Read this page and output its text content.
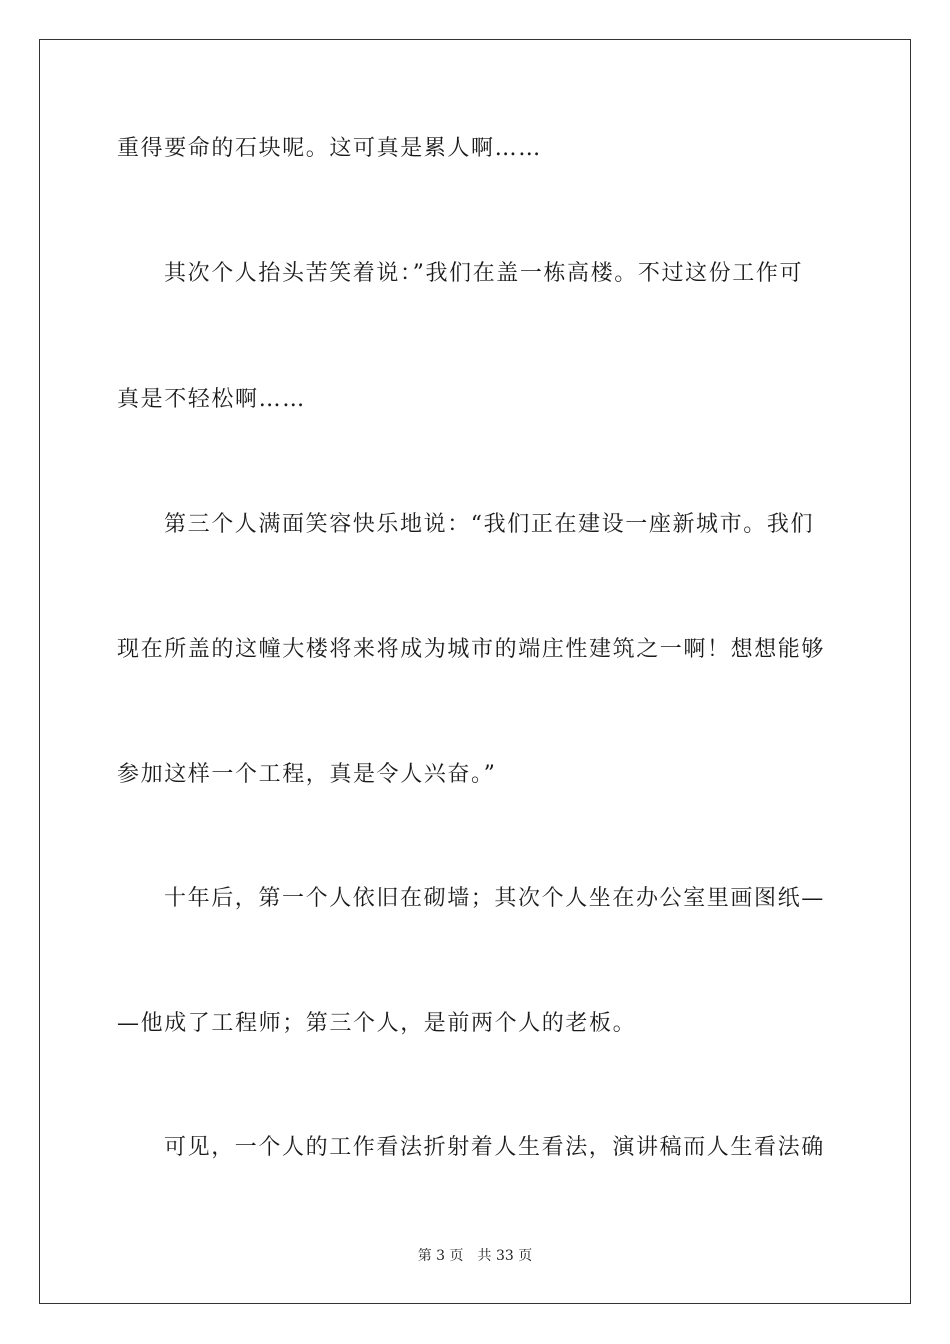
重得要命的石块呢。这可真是累人啊……
其次个人抬头苦笑着说：”我们在盖一栋高楼。不过这份工作可
真是不轻松啊……
第三个人满面笑容快乐地说：“我们正在建设一座新城市。我们
现在所盖的这幢大楼将来将成为城市的端庄性建筑之一啊！想想能够
参加这样一个工程，真是令人兴奋。”
十年后，第一个人依旧在砌墙；其次个人坐在办公室里画图纸—
—他成了工程师；第三个人，是前两个人的老板。
可见，一个人的工作看法折射着人生看法，演讲稿而人生看法确
第 3 页 共 33 页
